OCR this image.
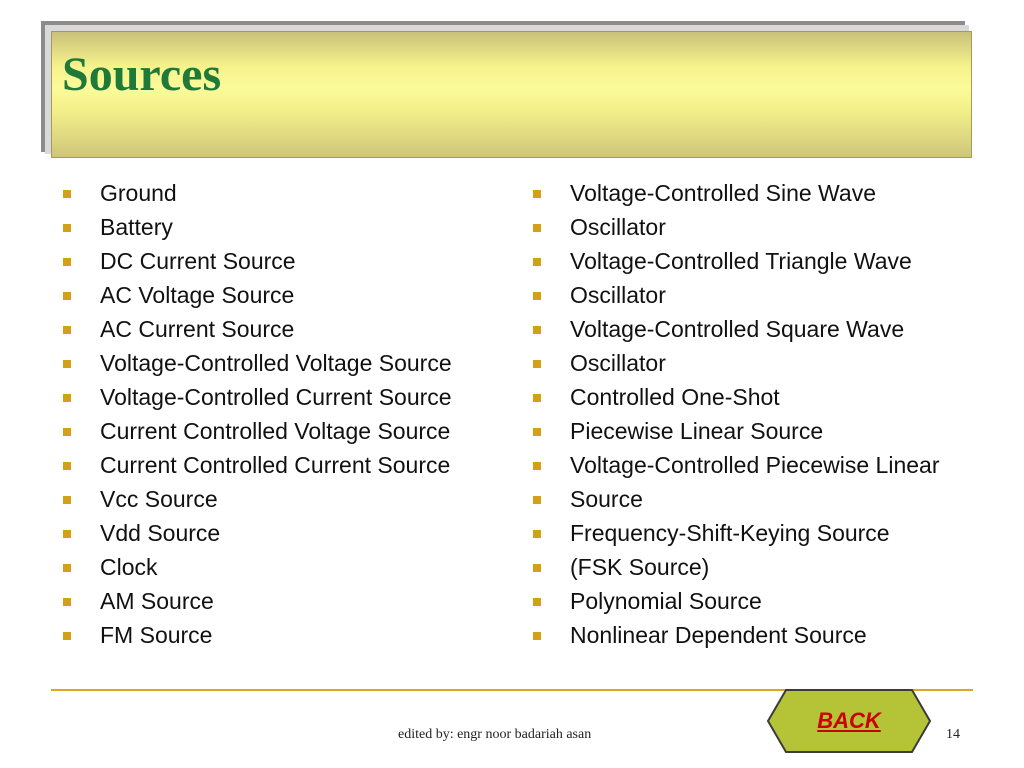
Sources
Ground
Battery
DC Current Source
AC Voltage Source
AC Current Source
Voltage-Controlled Voltage Source
Voltage-Controlled Current Source
Current Controlled Voltage Source
Current Controlled Current Source
Vcc Source
Vdd Source
Clock
AM Source
FM Source
Voltage-Controlled Sine Wave
Oscillator
Voltage-Controlled Triangle Wave
Oscillator
Voltage-Controlled Square Wave
Oscillator
Controlled One-Shot
Piecewise Linear Source
Voltage-Controlled Piecewise Linear
Source
Frequency-Shift-Keying Source
(FSK Source)
Polynomial Source
Nonlinear Dependent Source
BACK
edited by: engr noor badariah asan	14
